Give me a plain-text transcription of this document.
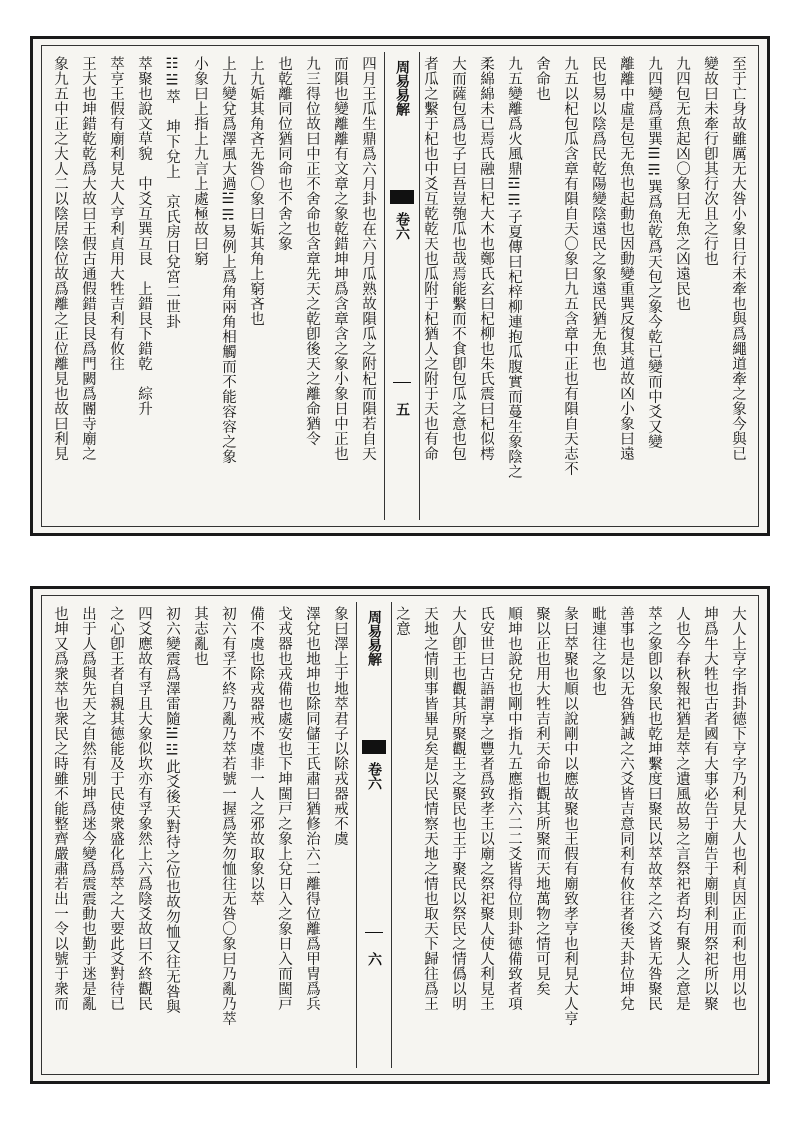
至于亡身故雖厲无大咎小象日行未牽也與爲繩道牽之象今與已
變故曰未牽行卽其行次且之行也
九四包无魚起凶〇象曰无魚之凶遠民也
九四變爲重巽☰☴巽爲魚乾爲天包之象今乾已變而中爻又變
離離中虛是包无魚也起動也因動變重巽反復其道故凶小象曰遠
民也易以陰爲民乾陽變陰遠民之象遠民猶无魚也
九五以杞包瓜含章有隕自天〇象曰九五含章中正也有隕自天志不
舍命也
九五變離爲火風鼎☲☴子夏傳曰杞梓柳連抱瓜腹實而蔓生象陰之
柔綿綿未已焉氏融曰杞大木也鄭氏玄曰杞柳也朱氏震曰杞似樗
大而薩包爲也子曰吾豈匏瓜也哉焉能繫而不食卽包瓜之意也包
者瓜之繫于杞也中爻互乾乾天也瓜附于杞猶人之附于天也有命
周易易解
卷六
五
四月王瓜生鼎爲六月卦也在六月瓜熟故隕瓜之附杞而隕若自天
而隕也變離離有文章之象乾錯坤坤爲含章含之象小象日中正也
九三得位故曰中正不舍命也含章先天之乾卽後天之離命猶令
也乾離同位猶同命也不舍之象
上九姤其角吝无咎〇象曰姤其角上窮吝也
上九變兌爲澤風大過☱☴易例上爲角兩角相觸而不能容容之象
小象曰上指上九言上處極故曰窮
☷☱萃　坤下兌上　京氏房日兌宮二世卦
萃聚也說文草貌　中爻互巽互艮　上錯艮下錯乾　綜升
萃亨王假有廟利見大人亨利貞用大牲吉利有攸往
王大也坤錯乾乾爲大故曰王假古通假錯艮艮爲門闕爲閽寺廟之
象九五中正之大人二以陰居陰位故爲離之正位離見也故曰利見
大人上亨字指卦德下亨字乃利見大人也利貞因正而利也用以也
坤爲牛大牲也古者國有大事必告于廟告于廟則利用祭祀所以聚
人也今春秋報祀猶是萃之遺風故易之言祭祀者均有聚人之意是
萃之象卽以象民也乾坤繫度曰聚民以萃故萃之六爻皆无咎聚民
善事也是以无咎猶誠之六爻皆吉意同利有攸往者後天卦位坤兌
毗連往之象也
彖曰萃聚也順以說剛中以應故聚也王假有廟致孝亨也利見大人亨
聚以正也用大牲吉利天命也觀其所聚而天地萬物之情可見矣
順坤也說兌也剛中指九五應指六二二爻皆得位則卦德備致者項
氏安世曰古語謂享之豐者爲致孝王以廟之祭祀聚人使人利見王
大人卽王也觀其所聚觀王之聚民也王于聚民以祭民之情僞以明
天地之情則事皆畢見矣是以民情察天地之情也取天下歸往爲王
之意
周易易解
卷六
六
象曰澤上于地萃君子以除戎器戒不虞
澤兌也地坤也除同儲王氏肅曰猶修治六二離得位離爲甲冑爲兵
戈戎器也戎備也處安也下坤閩戸之象上兌日入之象日入而閩戸
備不虞也除戎器戒不虞非一人之邪故取象以萃
初六有孚不終乃亂乃萃若號一握爲笑勿恤往无咎〇象曰乃亂乃萃
其志亂也
初六變震爲澤雷隨☱☳此爻後天對待之位也故勿恤又往无咎與
四爻應故有孚且大象似坎亦有孚象然上六爲陰爻故曰不終觀民
之心卽王者自親其德能及于民使衆盛化爲萃之大要此爻對待已
出于人爲與先天之自然有別坤爲迷今變爲震震動也勤于迷是亂
也坤又爲衆萃也衆民之時雖不能整齊嚴肅若出一令以號于衆而
